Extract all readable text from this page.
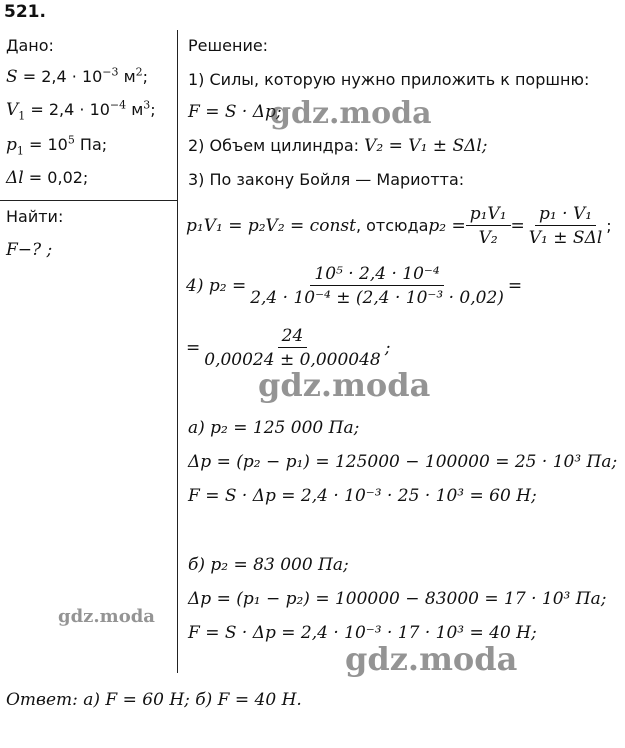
521.
Дано:
$S = 2,4 \cdot 10^{-3}$ $м^2$;
$V_1 = 2,4 \cdot 10^{-4}$ $м^3$;
$p_1 = 10^5$ Па;
Δl = 0,02;
Найти:
F−? ;
Решение:
1) Силы, которую нужно приложить к поршню:
F = S · Δp;
2) Объем цилиндра: V₂ = V₁ ± SΔl;
3) По закону Бойля — Мариотта:
p₁V₁ = p₂V₂ = const , отсюда $p_2 = \frac{\text{p₁V₁}}{\text{V₂}} = \frac{\text{p₁ · V₁}}{\text{V₁ ± SΔl}}$ ;
4) $p_2 = \frac{\text{10⁵ · 2,4 · 10⁻⁴}}{\text{2,4 · 10⁻⁴ ± (2,4 · 10⁻³ · 0,02)}}$ =
= $\frac{24}{0,00024 \pm 0,000048}$ ;
а) p₂ = 125 000 Па;
Δp = (p₂ − p₁) = 125000 − 100000 = 25 · 10³ Па;
F = S · Δp = 2,4 · 10⁻³ · 25 · 10³ = 60 Н;
б) p₂ = 83 000 Па;
Δp = (p₁ − p₂) = 100000 − 83000 = 17 · 10³ Па;
F = S · Δp = 2,4 · 10⁻³ · 17 · 10³ = 40 Н;
Ответ: а) F = 60 Н; б) F = 40 Н.
gdz.moda
gdz.moda
gdz.moda
gdz.moda
